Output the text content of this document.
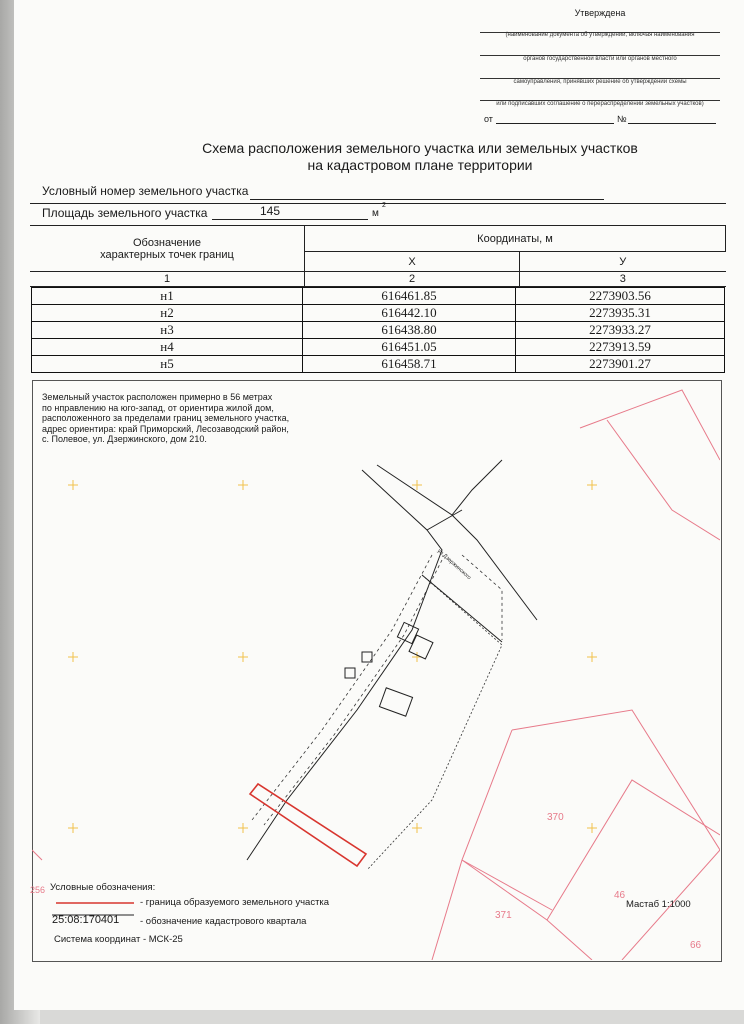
Утверждена
(наименование документа об утверждении, включая наименования
органов государственной власти или органов местного
самоуправления, принявших решение об утверждении схемы
или подписавших соглашение о перераспределении земельных участков)
от	№
Схема расположения земельного участка или земельных участков
на кадастровом плане территории
Условный номер земельного участка
Площадь земельного участка	145	м
2
Обозначение
характерных точек границ	Координаты, м	
	X	У
1	2	3
н1	616461.85	2273903.56
н2	616442.10	2273935.31
н3	616438.80	2273933.27
н4	616451.05	2273913.59
н5	616458.71	2273901.27
Земельный участок расположен примерно в 56 метрах
по нправлению на юго-запад, от ориентира жилой дом,
расположенного за пределами границ земельного участка,
адрес ориентира: край Приморский, Лесозаводский район,
с. Полевое, ул. Дзержинского, дом 210.
ул.Дзержинского
370
371
46
66
256 Условные обозначения:
- граница образуемого земельного участка
25:08:170401 - обозначение кадастрового квартала
Мастаб 1:1000
Система координат - МСК-25
